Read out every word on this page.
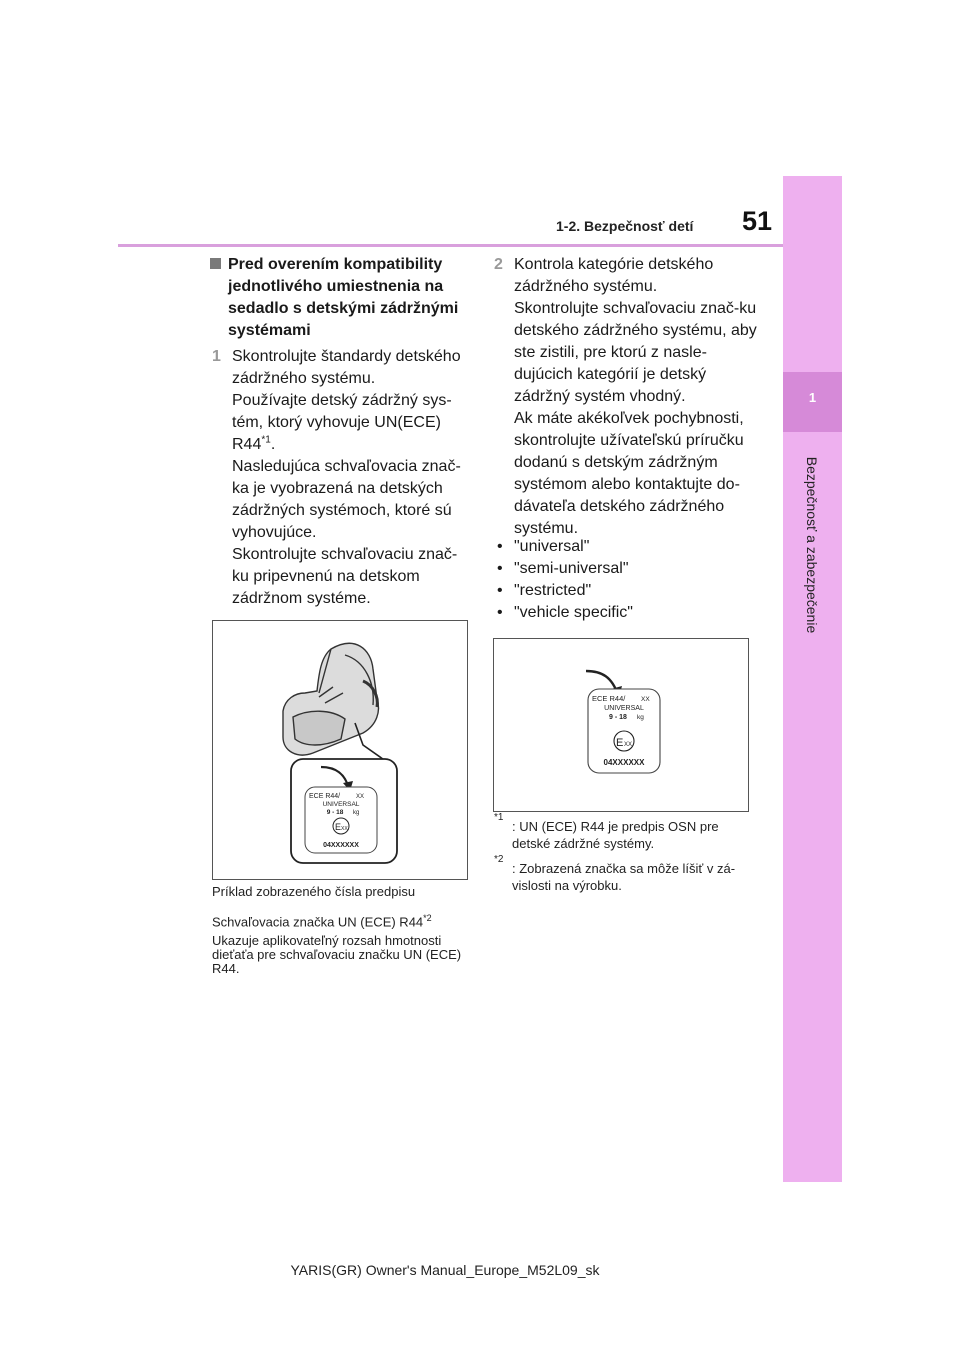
51
1-2. Bezpečnosť detí
1
Bezpečnosť a zabezpečenie
Pred overením kompatibility jednotlivého umiestnenia na sedadlo s detskými zádržnými systémami
1 Skontrolujte štandardy detského zádržného systému.
Používajte detský zádržný sys-tém, ktorý vyhovuje UN(ECE) R44$^{*1}$.
Nasledujúca schvaľovacia znač-ka je vyobrazená na detských zádržných systémoch, ktoré sú vyhovujúce.
Skontrolujte schvaľovaciu znač-ku pripevnenú na detskom zádržnom systéme.
ECE R44/	XX
UNIVERSAL
9 - 18 kg
E XX
04XXXXXX
Príklad zobrazeného čísla predpisu
Schvaľovacia značka UN (ECE) R44$^{*2}$
Ukazuje aplikovateľný rozsah hmotnosti dieťaťa pre schvaľovaciu značku UN (ECE) R44.
2 Kontrola kategórie detského zádržného systému.
Skontrolujte schvaľovaciu znač-ku detského zádržného systému, aby ste zistili, pre ktorú z nasle-dujúcich kategórií je detský zádržný systém vhodný.
Ak máte akékoľvek pochybnosti, skontrolujte užívateľskú príručku dodanú s detským zádržným systémom alebo kontaktujte do-dávateľa detského zádržného systému.
• "universal"
• "semi-universal"
• "restricted"
• "vehicle specific"
ECE R44/ XX
UNIVERSAL
9 - 18 kg
E XX
04XXXXXX
*1
: UN (ECE) R44 je predpis OSN pre detské zádržné systémy.
*2
: Zobrazená značka sa môže líšiť v zá-vislosti na výrobku.
YARIS(GR) Owner's Manual_Europe_M52L09_sk
